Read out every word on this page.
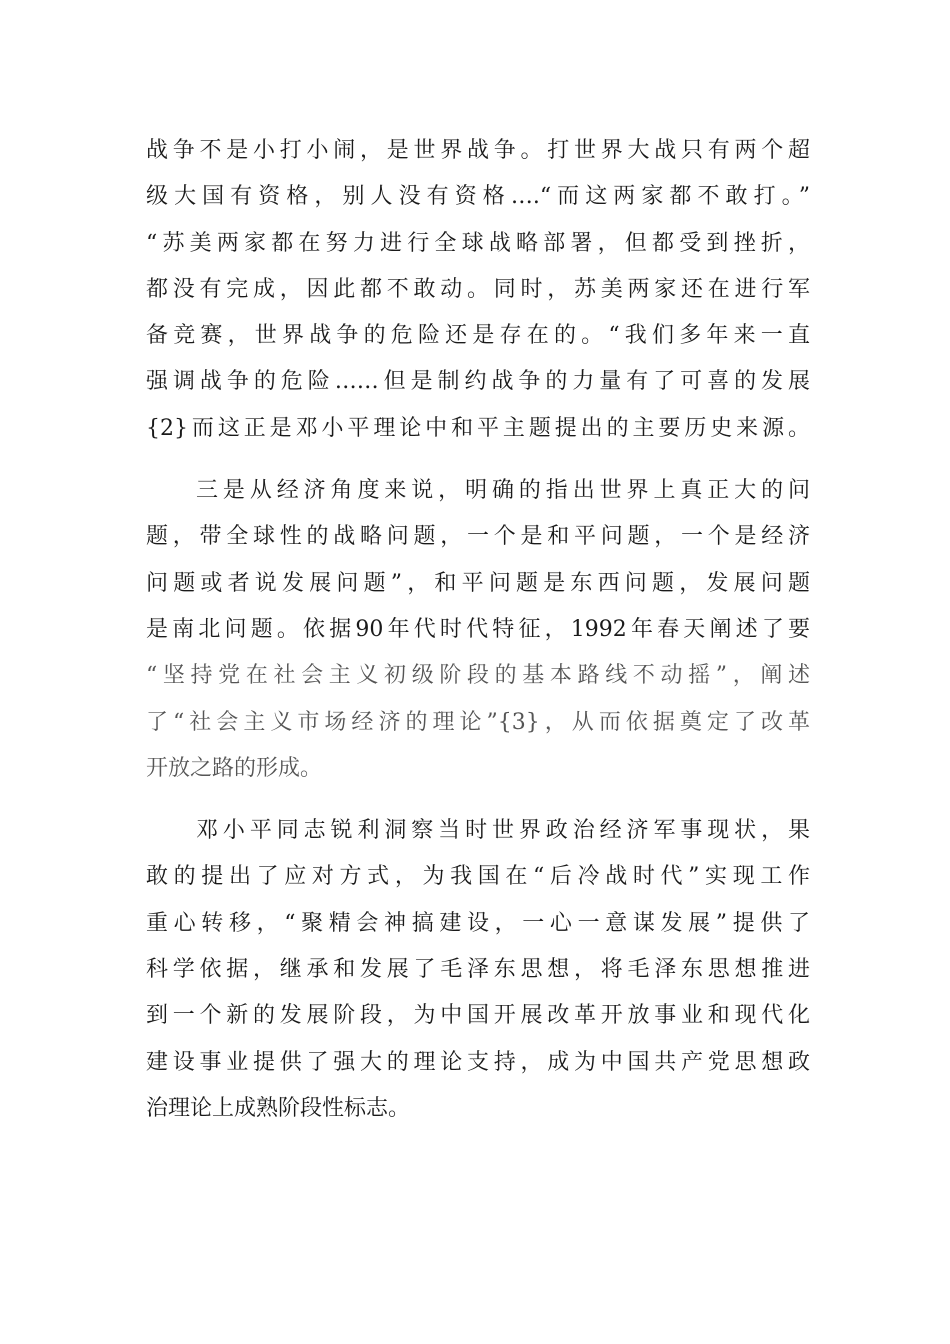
战争不是小打小闹，是世界战争。打世界大战只有两个超
级大国有资格，别人没有资格….“而这两家都不敢打。”
“苏美两家都在努力进行全球战略部署，但都受到挫折，
都没有完成，因此都不敢动。同时，苏美两家还在进行军
备竞赛，世界战争的危险还是存在的。“我们多年来一直
强调战争的危险……但是制约战争的力量有了可喜的发展
{2}而这正是邓小平理论中和平主题提出的主要历史来源。
三是从经济角度来说，明确的指出世界上真正大的问
题，带全球性的战略问题，一个是和平问题，一个是经济
问题或者说发展问题”，和平问题是东西问题，发展问题
是南北问题。依据90年代时代特征，1992年春天阐述了要
“坚持党在社会主义初级阶段的基本路线不动摇”，阐述
了“社会主义市场经济的理论”{3}，从而依据奠定了改革
开放之路的形成。
邓小平同志锐利洞察当时世界政治经济军事现状，果
敢的提出了应对方式，为我国在“后冷战时代”实现工作
重心转移，“聚精会神搞建设，一心一意谋发展”提供了
科学依据，继承和发展了毛泽东思想，将毛泽东思想推进
到一个新的发展阶段，为中国开展改革开放事业和现代化
建设事业提供了强大的理论支持，成为中国共产党思想政
治理论上成熟阶段性标志。
